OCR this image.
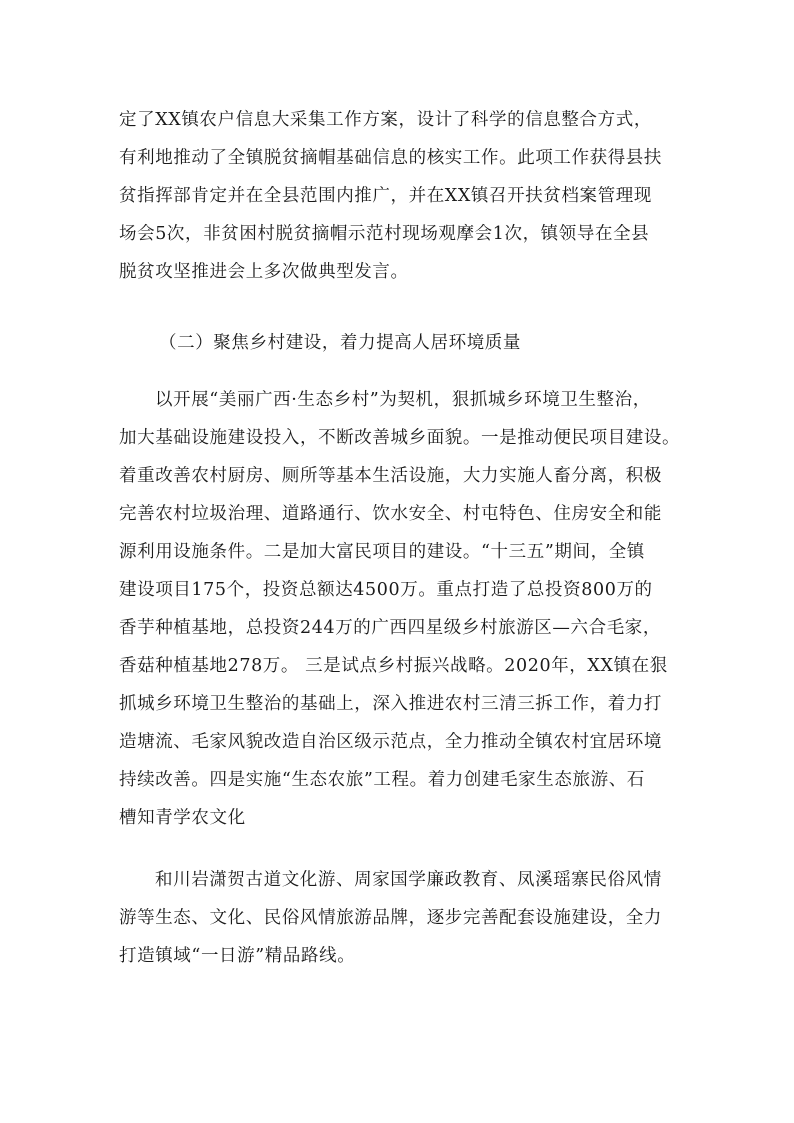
定了XX镇农户信息大采集工作方案，设计了科学的信息整合方式，
有利地推动了全镇脱贫摘帽基础信息的核实工作。此项工作获得县扶
贫指挥部肯定并在全县范围内推广，并在XX镇召开扶贫档案管理现
场会5次，非贫困村脱贫摘帽示范村现场观摩会1次，镇领导在全县
脱贫攻坚推进会上多次做典型发言。
（二）聚焦乡村建设，着力提高人居环境质量
以开展“美丽广西·生态乡村”为契机，狠抓城乡环境卫生整治，
加大基础设施建设投入，不断改善城乡面貌。一是推动便民项目建设。
着重改善农村厨房、厕所等基本生活设施，大力实施人畜分离，积极
完善农村垃圾治理、道路通行、饮水安全、村屯特色、住房安全和能
源利用设施条件。二是加大富民项目的建设。“十三五”期间，全镇
建设项目175个，投资总额达4500万。重点打造了总投资800万的
香芋种植基地，总投资244万的广西四星级乡村旅游区—六合毛家，
香菇种植基地278万。 三是试点乡村振兴战略。2020年，XX镇在狠
抓城乡环境卫生整治的基础上，深入推进农村三清三拆工作，着力打
造塘流、毛家风貌改造自治区级示范点，全力推动全镇农村宜居环境
持续改善。四是实施“生态农旅”工程。着力创建毛家生态旅游、石
槽知青学农文化
和川岩潇贺古道文化游、周家国学廉政教育、凤溪瑶寨民俗风情
游等生态、文化、民俗风情旅游品牌，逐步完善配套设施建设，全力
打造镇域“一日游”精品路线。
